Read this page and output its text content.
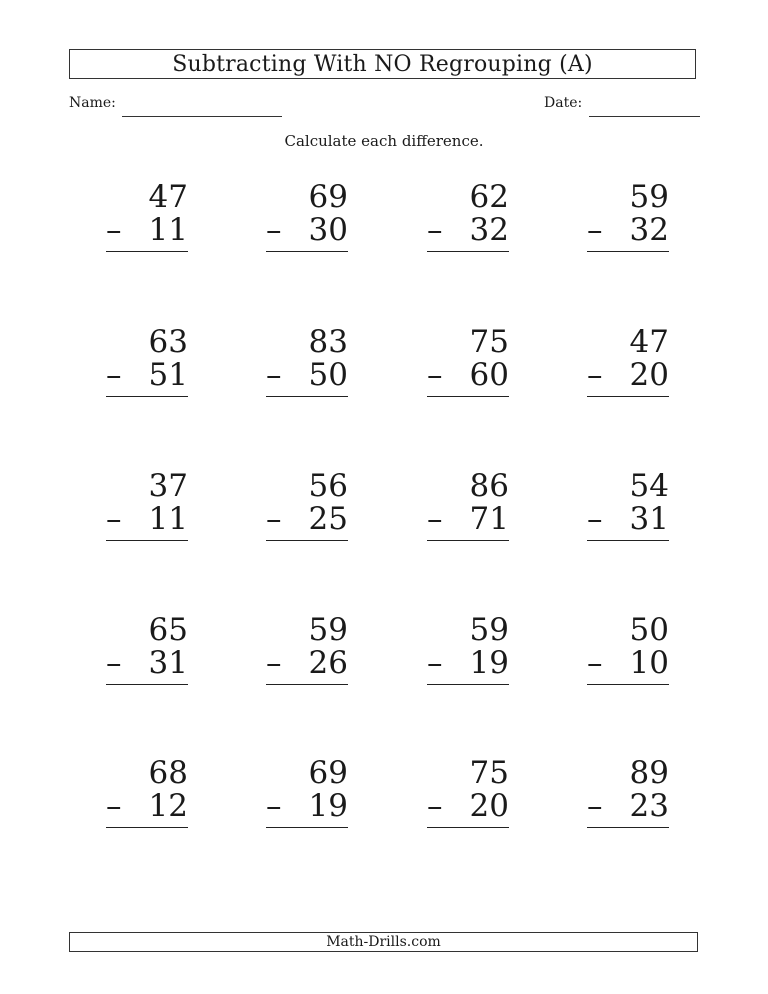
Subtracting With NO Regrouping (A)
Name:	Date:
Calculate each difference.
47
– 11
69
– 30
62
– 32
59
– 32
63
– 51
83
– 50
75
– 60
47
– 20
37
– 11
56
– 25
86
– 71
54
– 31
65
– 31
59
– 26
59
– 19
50
– 10
68
– 12
69
– 19
75
– 20
89
– 23
Math-Drills.com
